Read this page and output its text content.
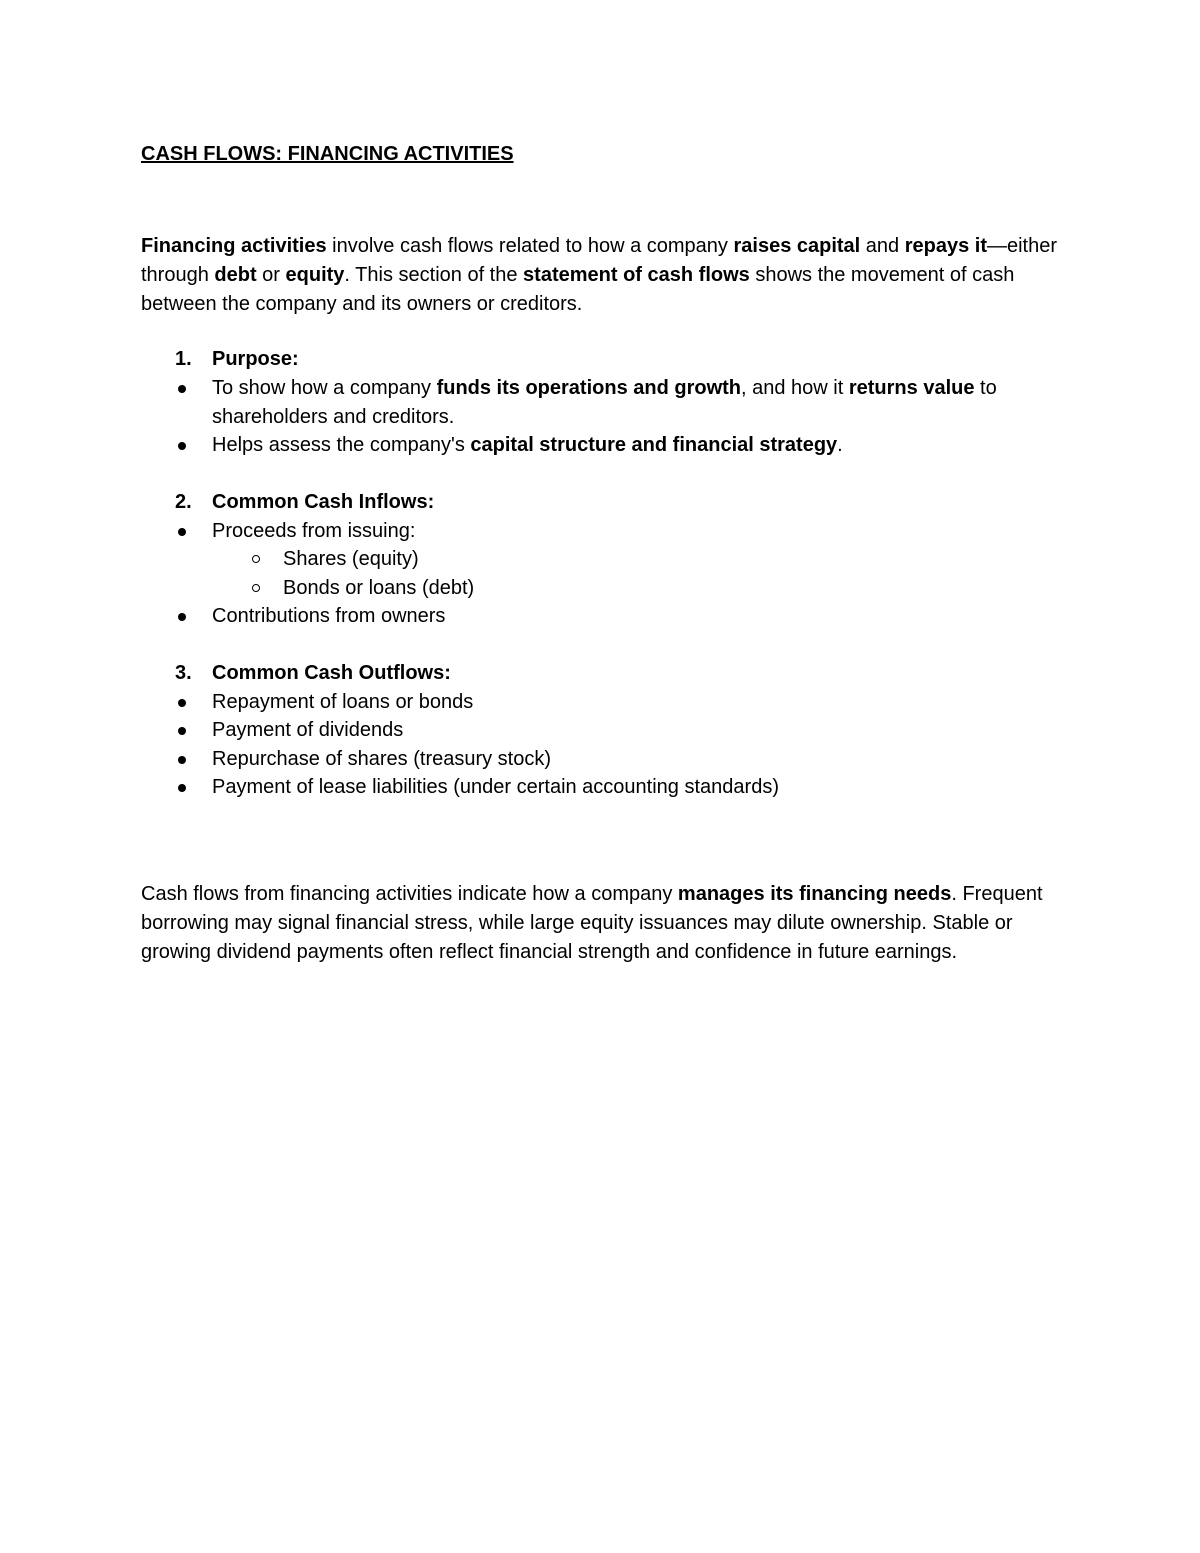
CASH FLOWS: FINANCING ACTIVITIES

Financing activities involve cash flows related to how a company raises capital and repays it—either through debt or equity. This section of the statement of cash flows shows the movement of cash between the company and its owners or creditors.

1. Purpose:
To show how a company funds its operations and growth, and how it returns value to shareholders and creditors.
Helps assess the company's capital structure and financial strategy.
2. Common Cash Inflows:
Proceeds from issuing:
Shares (equity)
Bonds or loans (debt)
Contributions from owners
3. Common Cash Outflows:
Repayment of loans or bonds
Payment of dividends
Repurchase of shares (treasury stock)
Payment of lease liabilities (under certain accounting standards)

Cash flows from financing activities indicate how a company manages its financing needs. Frequent borrowing may signal financial stress, while large equity issuances may dilute ownership. Stable or growing dividend payments often reflect financial strength and confidence in future earnings.
